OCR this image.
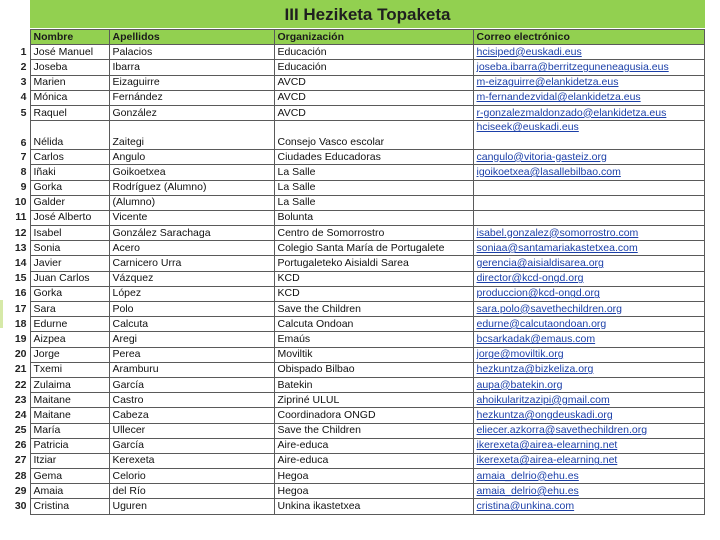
III Heziketa Topaketa
	Nombre	Apellidos	Organización	Correo electrónico
1	José Manuel	Palacios	Educación	hcisiped@euskadi.eus
2	Joseba	Ibarra	Educación	joseba.ibarra@berritzeguneneagusia.eus
3	Marien	Eizaguirre	AVCD	m-eizaguirre@elankidetza.eus
4	Mónica	Fernández	AVCD	m-fernandezvidal@elankidetza.eus
5	Raquel	González	AVCD	r-gonzalezmaldonzado@elankidetza.eus
6	Nélida	Zaitegi	Consejo Vasco escolar	hciseek@euskadi.eus
7	Carlos	Angulo	Ciudades Educadoras	cangulo@vitoria-gasteiz.org
8	Iñaki	Goikoetxea	La Salle	igoikoetxea@lasallebilbao.com
9	Gorka	Rodríguez (Alumno)	La Salle	
10	Galder	(Alumno)	La Salle	
11	José Alberto	Vicente	Bolunta	
12	Isabel	González Sarachaga	Centro de Somorrostro	isabel.gonzalez@somorrostro.com
13	Sonia	Acero	Colegio Santa María de Portugalete	soniaa@santamariakastetxea.com
14	Javier	Carnicero Urra	Portugaleteko Aisialdi Sarea	gerencia@aisialdisarea.org
15	Juan Carlos	Vázquez	KCD	director@kcd-ongd.org
16	Gorka	López	KCD	produccion@kcd-ongd.org
17	Sara	Polo	Save the Children	sara.polo@savethechildren.org
18	Edurne	Calcuta	Calcuta Ondoan	edurne@calcutaondoan.org
19	Aizpea	Aregi	Emaús	bcsarkadak@emaus.com
20	Jorge	Perea	Moviltik	jorge@moviltik.org
21	Txemi	Aramburu	Obispado Bilbao	hezkuntza@bizkeliza.org
22	Zulaima	García	Batekin	aupa@batekin.org
23	Maitane	Castro	Zipriné ULUL	ahoikularitzazipi@gmail.com
24	Maitane	Cabeza	Coordinadora ONGD	hezkuntza@ongdeuskadi.org
25	María	Ullecer	Save the Children	eliecer.azkorra@savethechildren.org
26	Patricia	García	Aire-educa	ikerexeta@airea-elearning.net
27	Itziar	Kerexeta	Aire-educa	ikerexeta@airea-elearning.net
28	Gema	Celorio	Hegoa	amaia_delrio@ehu.es
29	Amaia	del Río	Hegoa	amaia_delrio@ehu.es
30	Cristina	Uguren	Unkina ikastetxea	cristina@unkina.com
